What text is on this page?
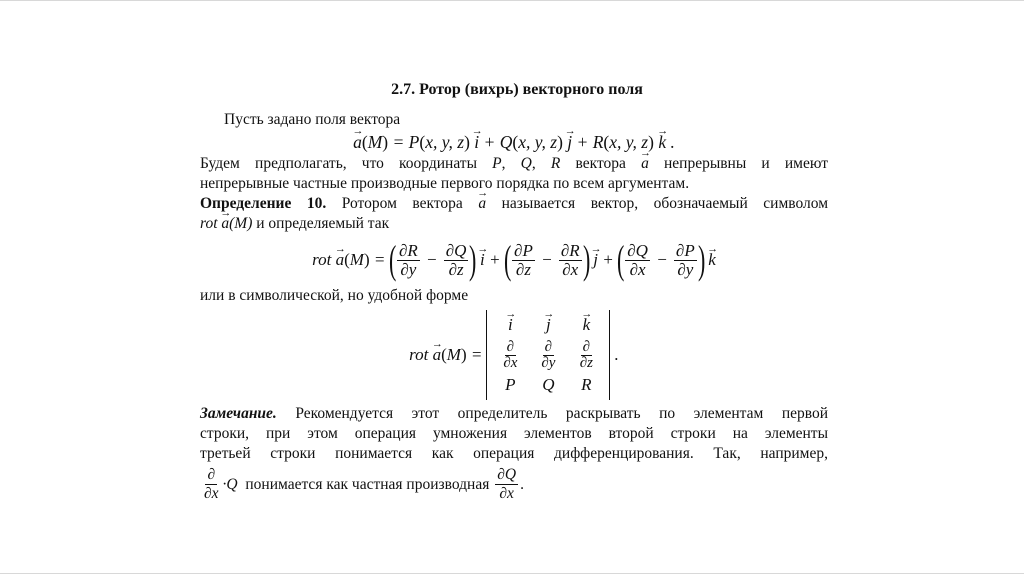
2.7. Ротор (вихрь) векторного поля

Пусть задано поля вектора

→ a ( M ) = P ( x, y, z )
→ i + Q ( x, y, z )
→ j + R ( x, y, z )
→ k .

Будем предполагать, что координаты P, Q, R вектора → a непрерывны и имеют

непрерывные частные производные первого порядка по всем аргументам.

Определение 10. Ротором вектора → a называется вектор, обозначаемый символом

rot → a(M) и определяемый так

rot → a ( M ) =
( $\frac{\partial R}{\partial y} - \frac{\partial Q}{\partial z}$ )
→ i +
( $\frac{\partial P}{\partial z} - \frac{\partial R}{\partial x}$ )
→ j +
( $\frac{\partial Q}{\partial x} - \frac{\partial P}{\partial y}$ )
→ k

или в символической, но удобной форме

rot → a ( M ) =
→ i → j → k
$\frac{\partial}{\partial x} \frac{\partial}{\partial y} \frac{\partial}{\partial z}$
P	Q	R
.

Замечание. Рекомендуется этот определитель раскрывать по элементам первой

строки, при этом операция умножения элементов второй строки на элементы

третьей строки понимается как операция дифференцирования. Так, например,

$\frac{\partial}{\partial x} \cdot Q$
понимается как частная производная
$\frac{\partial Q}{\partial x}$ .
